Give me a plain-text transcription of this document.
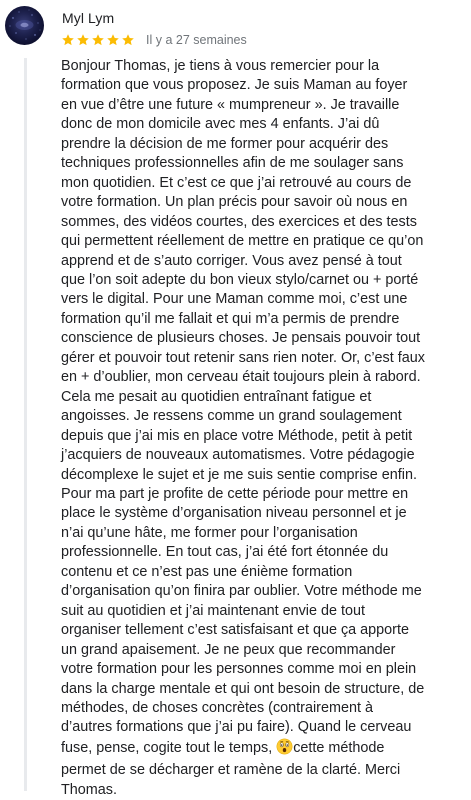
Myl Lym
Il y a 27 semaines

Bonjour Thomas, je tiens à vous remercier pour la
formation que vous proposez. Je suis Maman au foyer
en vue d’être une future « mumpreneur ». Je travaille
donc de mon domicile avec mes 4 enfants. J’ai dû
prendre la décision de me former pour acquérir des
techniques professionnelles afin de me soulager sans
mon quotidien. Et c’est ce que j’ai retrouvé au cours de
votre formation. Un plan précis pour savoir où nous en
sommes, des vidéos courtes, des exercices et des tests
qui permettent réellement de mettre en pratique ce qu’on
apprend et de s’auto corriger. Vous avez pensé à tout
que l’on soit adepte du bon vieux stylo/carnet ou + porté
vers le digital. Pour une Maman comme moi, c’est une
formation qu’il me fallait et qui m’a permis de prendre
conscience de plusieurs choses. Je pensais pouvoir tout
gérer et pouvoir tout retenir sans rien noter. Or, c’est faux
en + d’oublier, mon cerveau était toujours plein à rabord.
Cela me pesait au quotidien entraînant fatigue et
angoisses. Je ressens comme un grand soulagement
depuis que j’ai mis en place votre Méthode, petit à petit
j’acquiers de nouveaux automatismes. Votre pédagogie
décomplexe le sujet et je me suis sentie comprise enfin.
Pour ma part je profite de cette période pour mettre en
place le système d’organisation niveau personnel et je
n’ai qu’une hâte, me former pour l’organisation
professionnelle. En tout cas, j’ai été fort étonnée du
contenu et ce n’est pas une énième formation
d’organisation qu’on finira par oublier. Votre méthode me
suit au quotidien et j’ai maintenant envie de tout
organiser tellement c’est satisfaisant et que ça apporte
un grand apaisement. Je ne peux que recommander
votre formation pour les personnes comme moi en plein
dans la charge mentale et qui ont besoin de structure, de
méthodes, de choses concrètes (contrairement à
d’autres formations que j’ai pu faire). Quand le cerveau
fuse, pense, cogite tout le temps, cette méthode
permet de se décharger et ramène de la clarté. Merci
Thomas.
